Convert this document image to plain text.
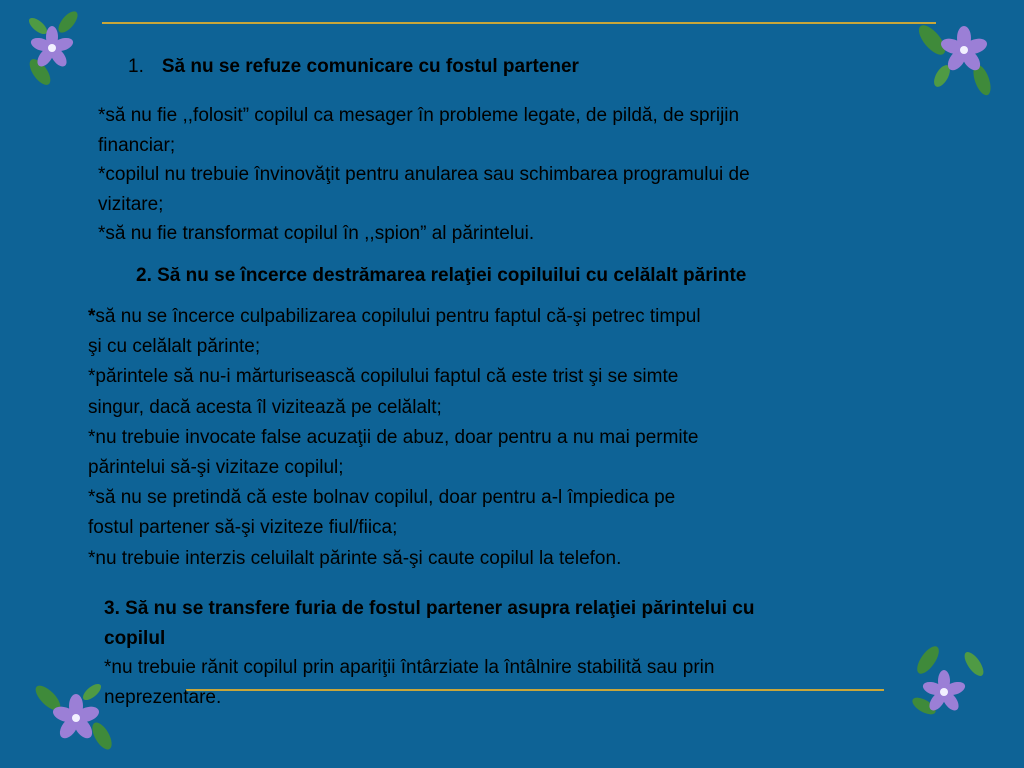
1. Să nu se refuze comunicare cu fostul partener
*să nu fie ,,folosit” copilul ca mesager în probleme legate, de pildă, de sprijin
financiar;
*copilul nu trebuie învinovăţit pentru anularea sau schimbarea programului de
vizitare;
*să nu fie transformat copilul în ,,spion” al părintelui.
2. Să nu se încerce destrămarea relaţiei copiluilui cu celălalt părinte
*să nu se încerce culpabilizarea copilului pentru faptul că-şi petrec timpul
şi cu celălalt părinte;
*părintele să nu-i mărturisească copilului faptul că este trist şi se simte
singur, dacă acesta îl vizitează pe celălalt;
*nu trebuie invocate false acuzaţii de abuz, doar pentru a nu mai permite
părintelui să-şi vizitaze copilul;
*să nu se pretindă că este bolnav copilul, doar pentru a-l împiedica pe
fostul partener să-şi viziteze fiul/fiica;
*nu trebuie interzis celuilalt părinte să-şi caute copilul la telefon.
3. Să nu se transfere furia de fostul partener asupra relaţiei părintelui cu
copilul
*nu trebuie rănit copilul prin apariţii întârziate la întâlnire stabilită sau prin
neprezentare.
